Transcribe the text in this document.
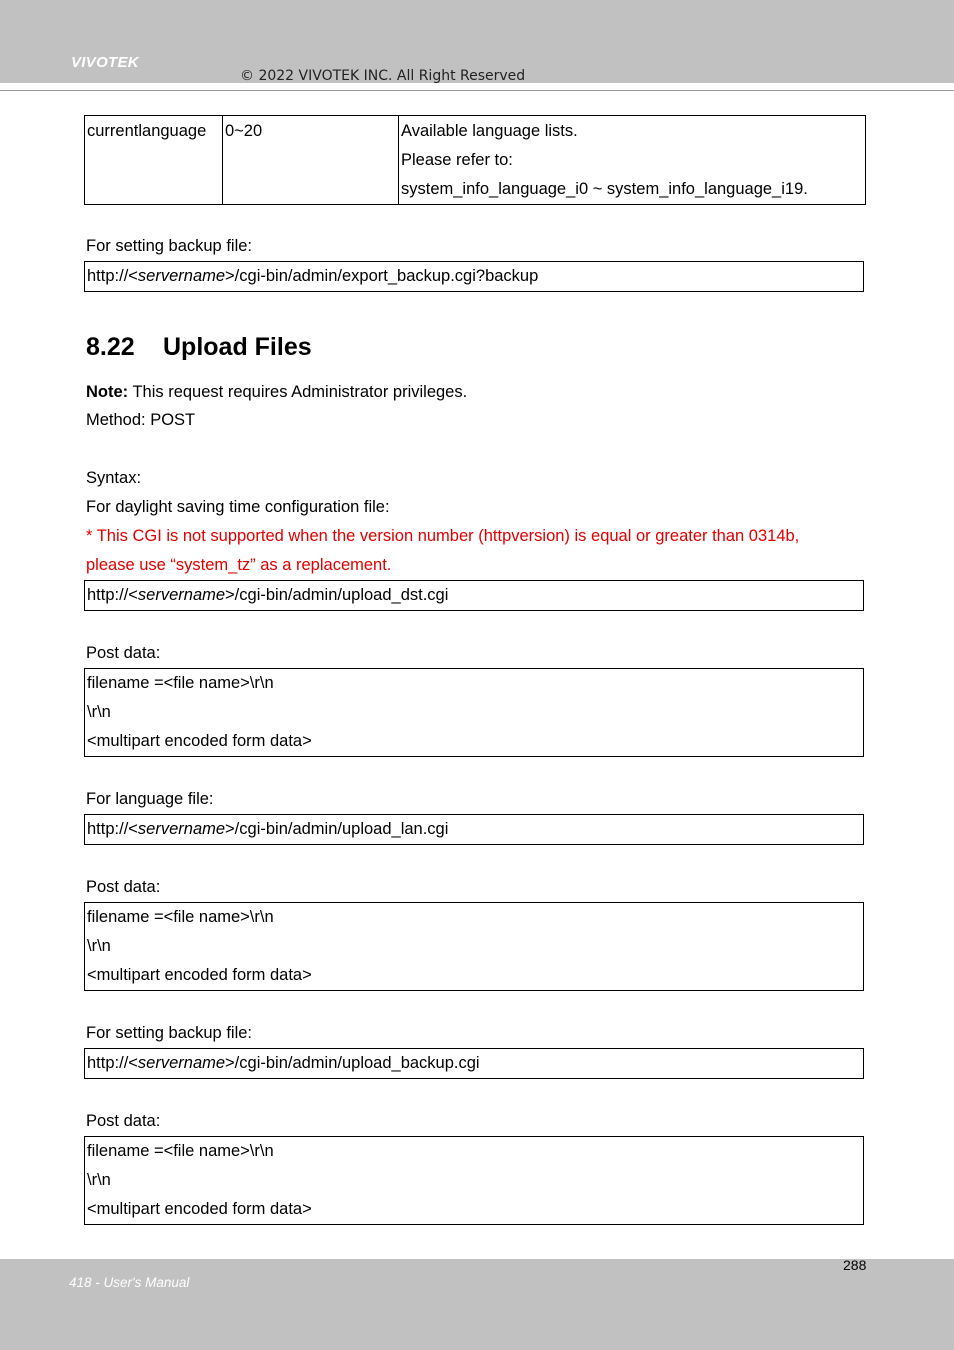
VIVOTEK
© 2022 VIVOTEK INC. All Right Reserved
currentlanguage	0~20	Available language lists.
Please refer to:
system_info_language_i0 ~ system_info_language_i19.
For setting backup file:
http://<servername>/cgi-bin/admin/export_backup.cgi?backup
8.22 Upload Files
Note: This request requires Administrator privileges.
Method: POST
Syntax:
For daylight saving time configuration file:
* This CGI is not supported when the version number (httpversion) is equal or greater than 0314b,
please use “system_tz” as a replacement.
http://<servername>/cgi-bin/admin/upload_dst.cgi
Post data:
filename =<file name>\r\n
\r\n
<multipart encoded form data>
For language file:
http://<servername>/cgi-bin/admin/upload_lan.cgi
Post data:
filename =<file name>\r\n
\r\n
<multipart encoded form data>
For setting backup file:
http://<servername>/cgi-bin/admin/upload_backup.cgi
Post data:
filename =<file name>\r\n
\r\n
<multipart encoded form data>
418 - User's Manual
288
